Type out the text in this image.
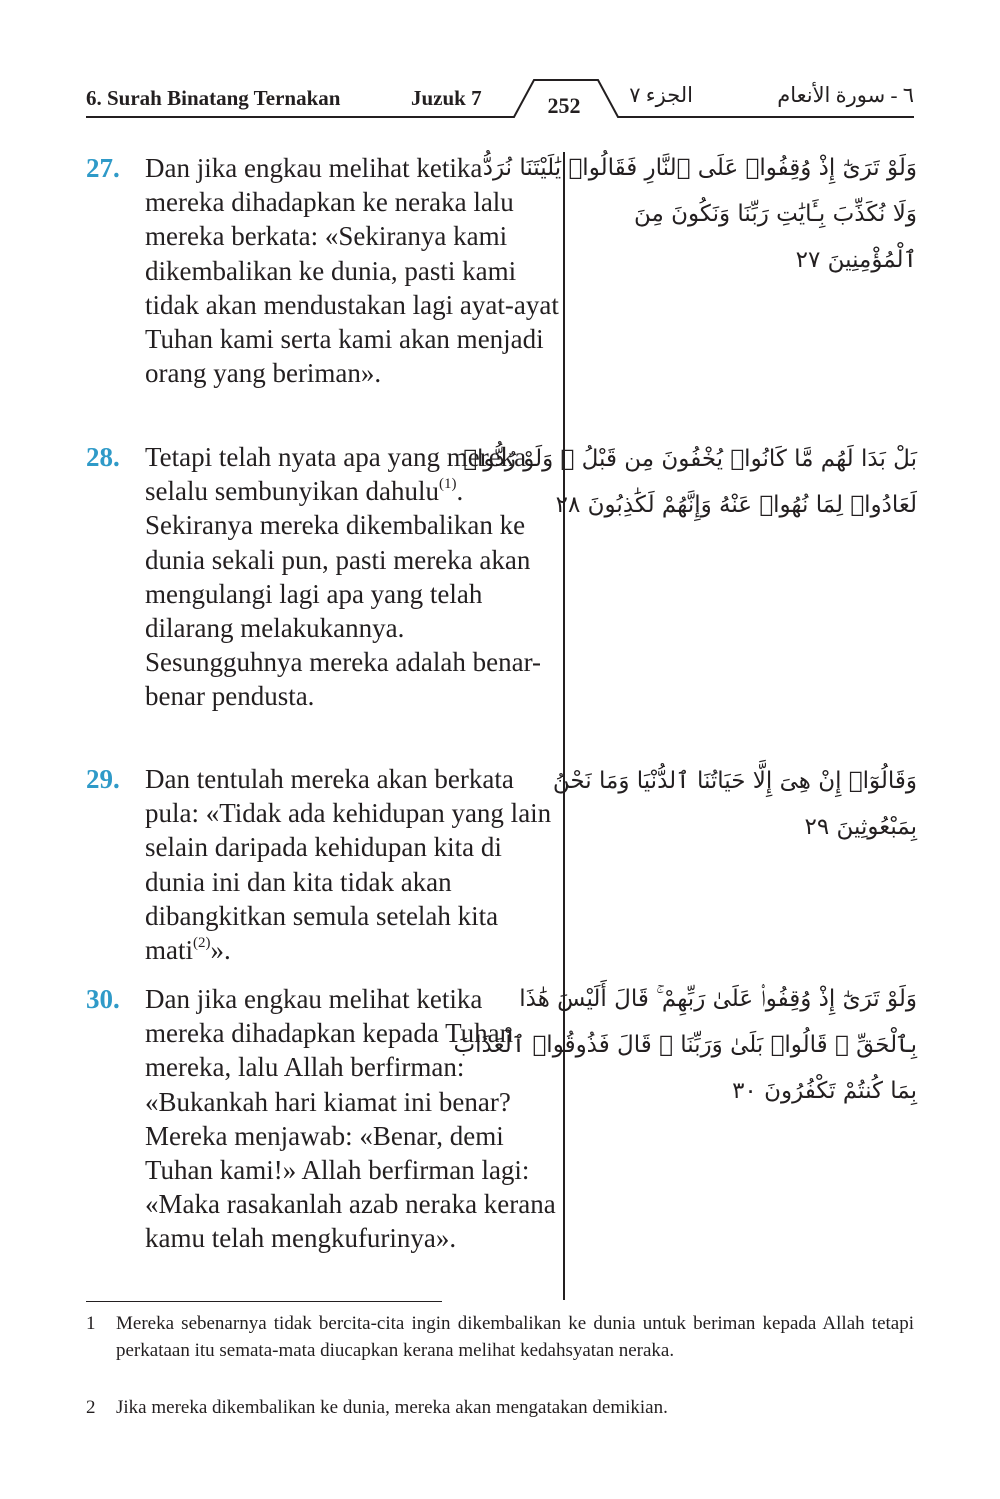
6. Surah Binatang Ternakan	Juzuk 7	252	الجزء ٧	٦ - سورة الأنعام
27. Dan jika engkau melihat ketika mereka dihadapkan ke neraka lalu mereka berkata: «Sekiranya kami dikembalikan ke dunia, pasti kami tidak akan mendustakan lagi ayat-ayat Tuhan kami serta kami akan menjadi orang yang beriman».
وَلَوْ تَرَىٰٓ إِذْ وُقِفُوا۟ عَلَى ٱلنَّارِ فَقَالُوا۟ يَٰلَيْتَنَا نُرَدُّ
وَلَا نُكَذِّبَ بِـَٔايَٰتِ رَبِّنَا وَنَكُونَ مِنَ
ٱلْمُؤْمِنِينَ ٢٧
28. Tetapi telah nyata apa yang mereka selalu sembunyikan dahulu$^{(1)}$. Sekiranya mereka dikembalikan ke dunia sekali pun, pasti mereka akan mengulangi lagi apa yang telah dilarang melakukannya. Sesungguhnya mereka adalah benar-benar pendusta.
بَلْ بَدَا لَهُم مَّا كَانُوا۟ يُخْفُونَ مِن قَبْلُ ۖ وَلَوْ رُدُّوا۟
لَعَادُوا۟ لِمَا نُهُوا۟ عَنْهُ وَإِنَّهُمْ لَكَٰذِبُونَ ٢٨
29. Dan tentulah mereka akan berkata pula: «Tidak ada kehidupan yang lain selain daripada kehidupan kita di dunia ini dan kita tidak akan dibangkitkan semula setelah kita mati$^{(2)}$».
وَقَالُوٓا۟ إِنْ هِىَ إِلَّا حَيَاتُنَا ٱلدُّنْيَا وَمَا نَحْنُ
بِمَبْعُوثِينَ ٢٩
30. Dan jika engkau melihat ketika mereka dihadapkan kepada Tuhan mereka, lalu Allah berfirman: «Bukankah hari kiamat ini benar? Mereka menjawab: «Benar, demi Tuhan kami!» Allah berfirman lagi: «Maka rasakanlah azab neraka kerana kamu telah mengkufurinya».
وَلَوْ تَرَىٰٓ إِذْ وُقِفُوا۟ عَلَىٰ رَبِّهِمْ ۚ قَالَ أَلَيْسَ هَٰذَا
بِٱلْحَقِّ ۚ قَالُوا۟ بَلَىٰ وَرَبِّنَا ۚ قَالَ فَذُوقُوا۟ ٱلْعَذَابَ
بِمَا كُنتُمْ تَكْفُرُونَ ٣٠
1 Mereka sebenarnya tidak bercita-cita ingin dikembalikan ke dunia untuk beriman kepada Allah tetapi perkataan itu semata-mata diucapkan kerana melihat kedahsyatan neraka.
2 Jika mereka dikembalikan ke dunia, mereka akan mengatakan demikian.
